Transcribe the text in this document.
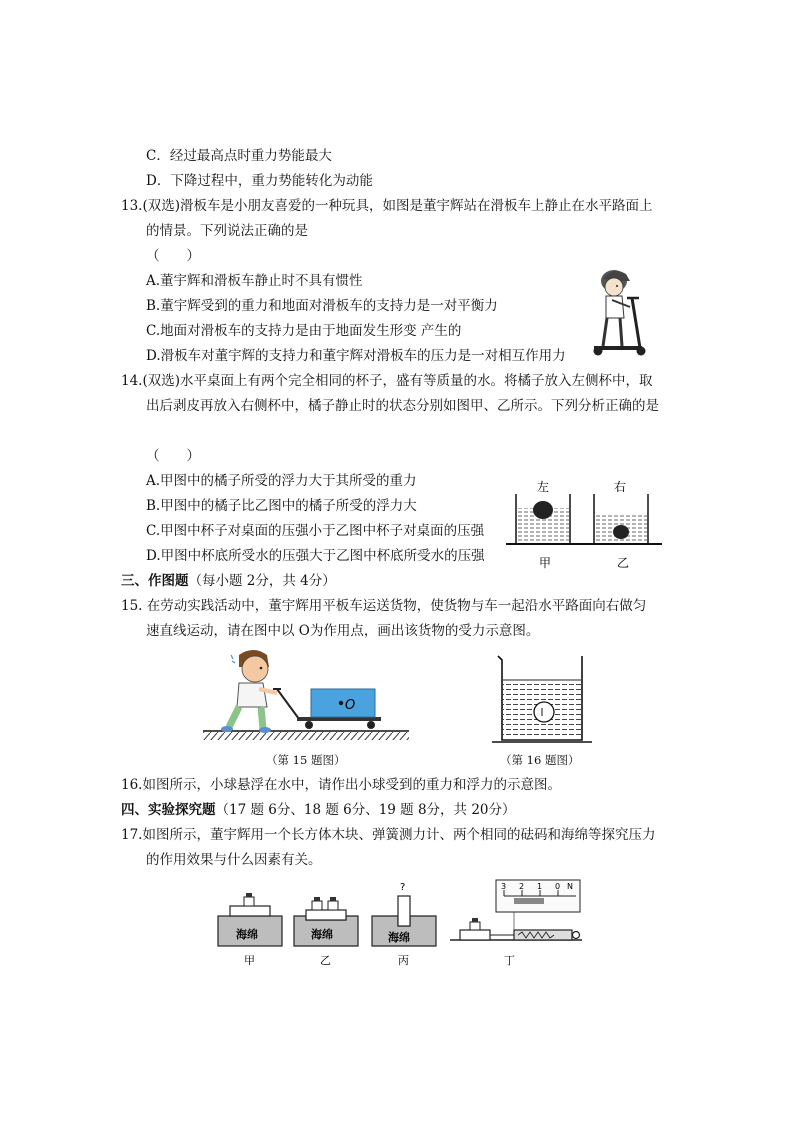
C．经过最高点时重力势能最大
D．下降过程中，重力势能转化为动能
13.(双选)滑板车是小朋友喜爱的一种玩具，如图是董宇辉站在滑板车上静止在水平路面上
的情景。下列说法正确的是
（　　）
A.董宇辉和滑板车静止时不具有惯性
B.董宇辉受到的重力和地面对滑板车的支持力是一对平衡力
C.地面对滑板车的支持力是由于地面发生形变 产生的
D.滑板车对董宇辉的支持力和董宇辉对滑板车的压力是一对相互作用力
14.(双选)水平桌面上有两个完全相同的杯子，盛有等质量的水。将橘子放入左侧杯中，取
出后剥皮再放入右侧杯中，橘子静止时的状态分别如图甲、乙所示。下列分析正确的是
（　　）
A.甲图中的橘子所受的浮力大于其所受的重力
B.甲图中的橘子比乙图中的橘子所受的浮力大
C.甲图中杯子对桌面的压强小于乙图中杯子对桌面的压强
D.甲图中杯底所受水的压强大于乙图中杯底所受水的压强
左	右
甲	乙
三、作图题（每小题 2分，共 4分）
15. 在劳动实践活动中，董宇辉用平板车运送货物，使货物与车一起沿水平路面向右做匀
速直线运动，请在图中以 O为作用点，画出该货物的受力示意图。
O
（第 15 题图）	（第 16 题图）
16.如图所示，小球悬浮在水中，请作出小球受到的重力和浮力的示意图。
四、实验探究题（17 题 6分、18 题 6分、19 题 8分，共 20分）
17.如图所示，董宇辉用一个长方体木块、弹簧测力计、两个相同的砝码和海绵等探究压力
的作用效果与什么因素有关。
海绵
甲
海绵
乙
?
海绵
丙
3 2 1 0 N
丁
